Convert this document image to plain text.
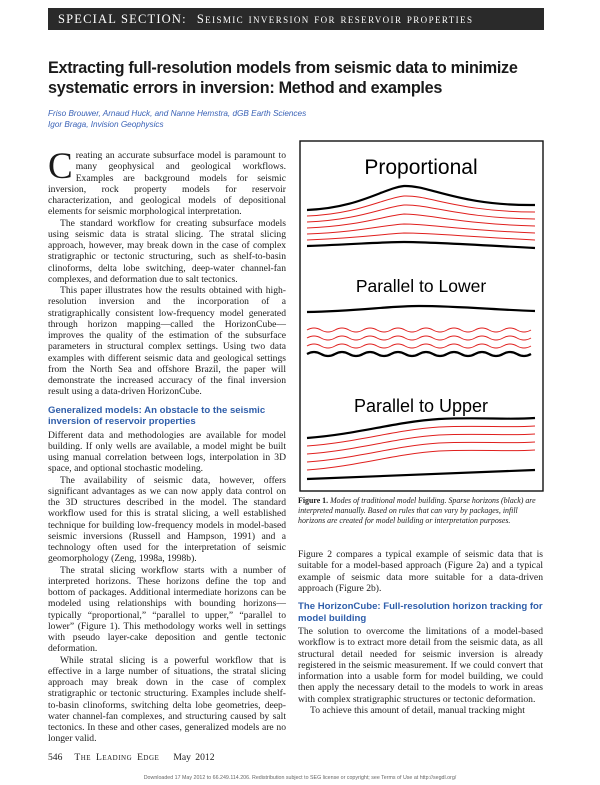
SPECIAL SECTION: Seismic inversion for reservoir properties
Extracting full-resolution models from seismic data to minimize systematic errors in inversion: Method and examples
Friso Brouwer, Arnaud Huck, and Nanne Hemstra, dGB Earth Sciences
Igor Braga, Invision Geophysics

Creating an accurate subsurface model is paramount to many geophysical and geological workflows. Examples are background models for seismic inversion, rock property models for reservoir characterization, and geological models of depositional elements for seismic morphological interpretation.

The standard workflow for creating subsurface models using seismic data is stratal slicing. The stratal slicing approach, however, may break down in the case of complex stratigraphic or tectonic structuring, such as shelf-to-basin clinoforms, delta lobe switching, deep-water channel-fan complexes, and deformation due to salt tectonics.

This paper illustrates how the results obtained with high-resolution inversion and the incorporation of a stratigraphically consistent low-frequency model generated through horizon mapping—called the HorizonCube—improves the quality of the estimation of the subsurface parameters in structural complex settings. Using two data examples with different seismic data and geological settings from the North Sea and offshore Brazil, the paper will demonstrate the increased accuracy of the final inversion result using a data-driven HorizonCube.

Generalized models: An obstacle to the seismic inversion of reservoir properties

Different data and methodologies are available for model building. If only wells are available, a model might be built using manual correlation between logs, interpolation in 3D space, and optional stochastic modeling.

The availability of seismic data, however, offers significant advantages as we can now apply data control on the 3D structures described in the model. The standard workflow used for this is stratal slicing, a well established technique for building low-frequency models in model-based seismic inversions (Russell and Hampson, 1991) and a technology often used for the interpretation of seismic geomorphology (Zeng, 1998a, 1998b).

The stratal slicing workflow starts with a number of interpreted horizons. These horizons define the top and bottom of packages. Additional intermediate horizons can be modeled using relationships with bounding horizons—typically “proportional,” “parallel to upper,” “parallel to lower” (Figure 1). This methodology works well in settings with pseudo layer-cake deposition and gentle tectonic deformation.

While stratal slicing is a powerful workflow that is effective in a large number of situations, the stratal slicing approach may break down in the case of complex stratigraphic or tectonic structuring. Examples include shelf-to-basin clinoforms, switching delta lobe geometries, deep-water channel-fan complexes, and structuring caused by salt tectonics. In these and other cases, generalized models are no longer valid.

Proportional
Parallel to Lower
Parallel to Upper
Figure 1. Modes of traditional model building. Sparse horizons (black) are interpreted manually. Based on rules that can vary by packages, infill horizons are created for model building or interpretation purposes.

Figure 2 compares a typical example of seismic data that is suitable for a model-based approach (Figure 2a) and a typical example of seismic data more suitable for a data-driven approach (Figure 2b).

The HorizonCube: Full-resolution horizon tracking for model building

The solution to overcome the limitations of a model-based workflow is to extract more detail from the seismic data, as all structural detail needed for seismic inversion is already registered in the seismic measurement. If we could convert that information into a usable form for model building, we could then apply the necessary detail to the models to work in areas with complex stratigraphic structures or tectonic deformation.

To achieve this amount of detail, manual tracking might

546 The Leading Edge May 2012
Downloaded 17 May 2012 to 66.249.114.206. Redistribution subject to SEG license or copyright; see Terms of Use at http://segdl.org/
